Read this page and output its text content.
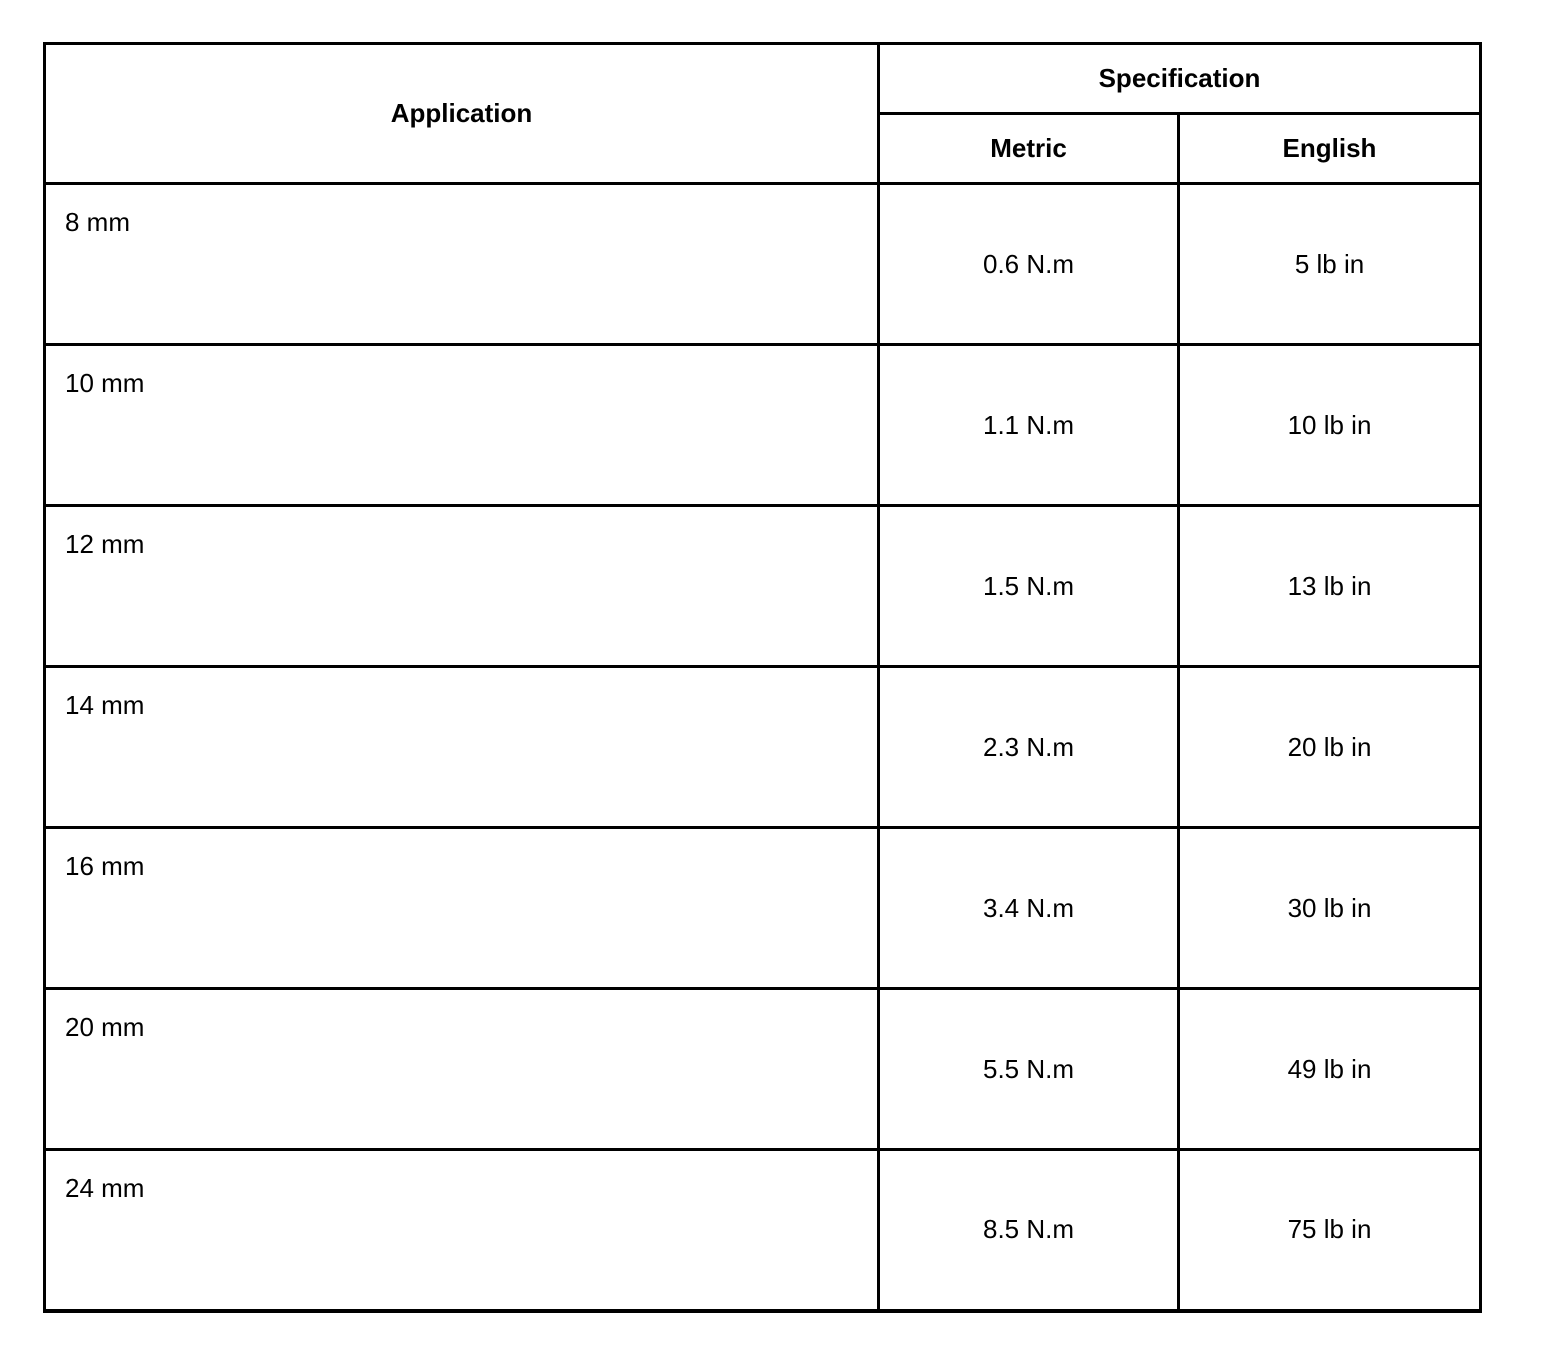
Application	Specification	
	Metric	English

8 mm	0.6 N.m	5 lb in

10 mm	1.1 N.m	10 lb in

12 mm	1.5 N.m	13 lb in

14 mm	2.3 N.m	20 lb in

16 mm	3.4 N.m	30 lb in

20 mm	5.5 N.m	49 lb in

24 mm	8.5 N.m	75 lb in
